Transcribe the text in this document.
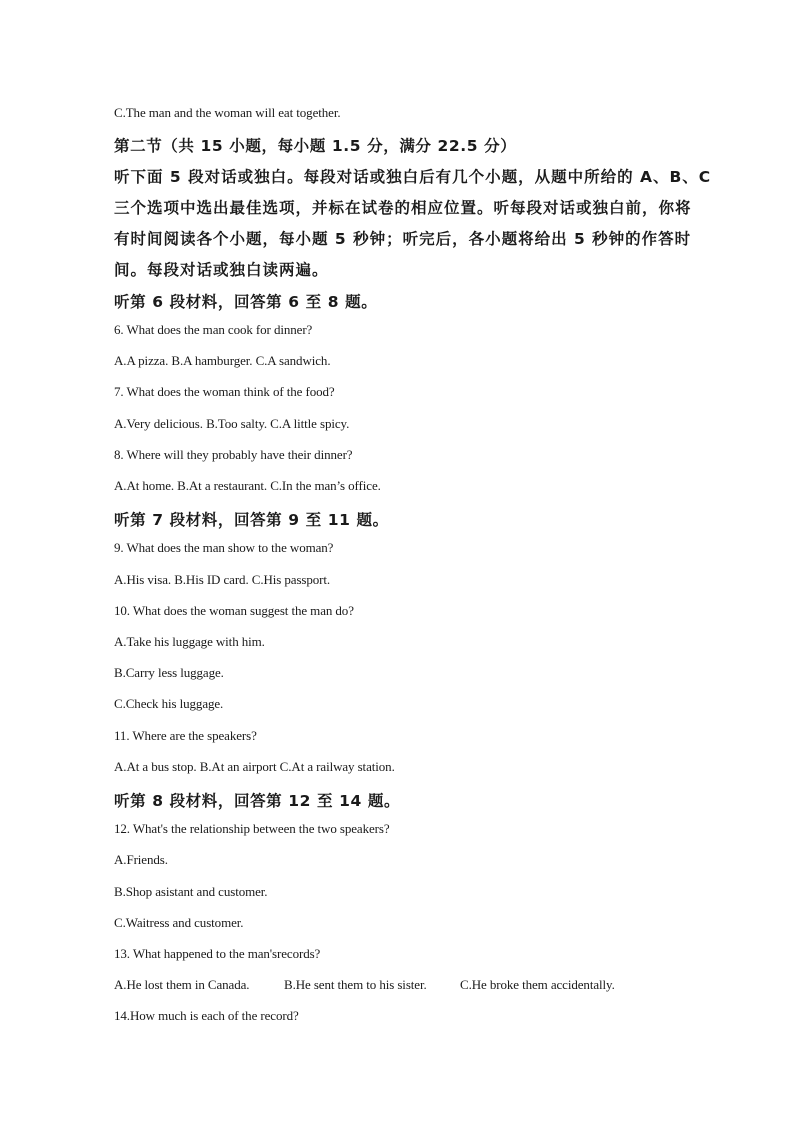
C.The man and the woman will eat together.
第二节（共 15 小题，每小题 1.5 分，满分 22.5 分）
听下面 5 段对话或独白。每段对话或独白后有几个小题，从题中所给的 A、B、C
三个选项中选出最佳选项，并标在试卷的相应位置。听每段对话或独白前，你将
有时间阅读各个小题，每小题 5 秒钟；听完后，各小题将给出 5 秒钟的作答时
间。每段对话或独白读两遍。
听第 6 段材料，回答第 6 至 8 题。
6. What does the man cook for dinner?
A.A pizza. B.A hamburger. C.A sandwich.
7. What does the woman think of the food?
A.Very delicious. B.Too salty. C.A little spicy.
8. Where will they probably have their dinner?
A.At home. B.At a restaurant. C.In the man’s office.
听第 7 段材料，回答第 9 至 11 题。
9. What does the man show to the woman?
A.His visa. B.His ID card. C.His passport.
10. What does the woman suggest the man do?
A.Take his luggage with him.
B.Carry less luggage.
C.Check his luggage.
11. Where are the speakers?
A.At a bus stop. B.At an airport C.At a railway station.
听第 8 段材料，回答第 12 至 14 题。
12. What's the relationship between the two speakers?
A.Friends.
B.Shop asistant and customer.
C.Waitress and customer.
13. What happened to the man'srecords?
A.He lost them in Canada.	B.He sent them to his sister.	C.He broke them accidentally.
14.How much is each of the record?
